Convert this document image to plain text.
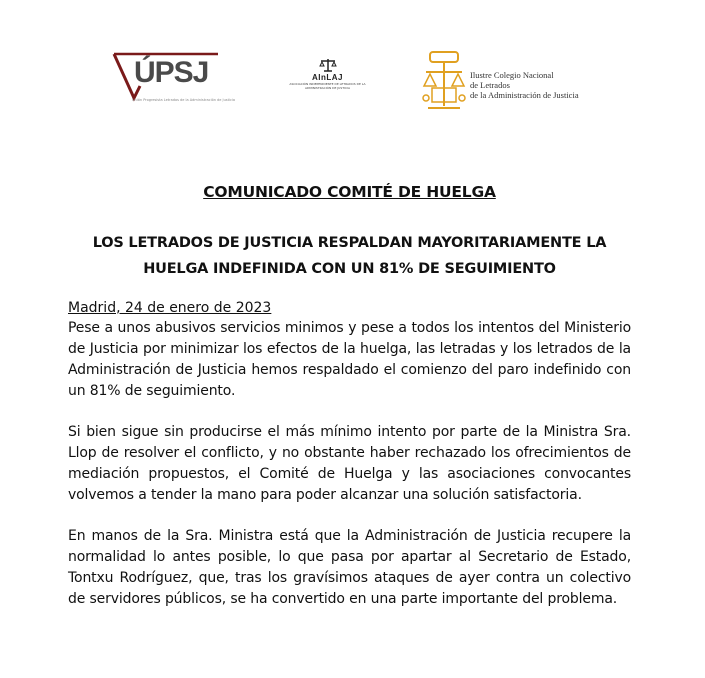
ÚPSJ
Unión Progresista Letrados de la Administración de Justicia
AInLAJ
ASOCIACIÓN INDEPENDIENTE DE LETRADOS DE LA ADMINISTRACIÓN DE JUSTICIA
Ilustre Colegio Nacional
de Letrados
de la Administración de Justicia
COMUNICADO COMITÉ DE HUELGA
LOS LETRADOS DE JUSTICIA RESPALDAN MAYORITARIAMENTE LA HUELGA INDEFINIDA CON UN 81% DE SEGUIMIENTO
Madrid, 24 de enero de 2023
Pese a unos abusivos servicios minimos y pese a todos los intentos del Ministerio de Justicia por minimizar los efectos de la huelga, las letradas y los letrados de la Administración de Justicia hemos respaldado el comienzo del paro indefinido con un 81% de seguimiento.
Si bien sigue sin producirse el más mínimo intento por parte de la Ministra Sra. Llop de resolver el conflicto, y no obstante haber rechazado los ofrecimientos de mediación propuestos, el Comité de Huelga y las asociaciones convocantes volvemos a tender la mano para poder alcanzar una solución satisfactoria.
En manos de la Sra. Ministra está que la Administración de Justicia recupere la normalidad lo antes posible, lo que pasa por apartar al Secretario de Estado, Tontxu Rodríguez, que, tras los gravísimos ataques de ayer contra un colectivo de servidores públicos, se ha convertido en una parte importante del problema.
